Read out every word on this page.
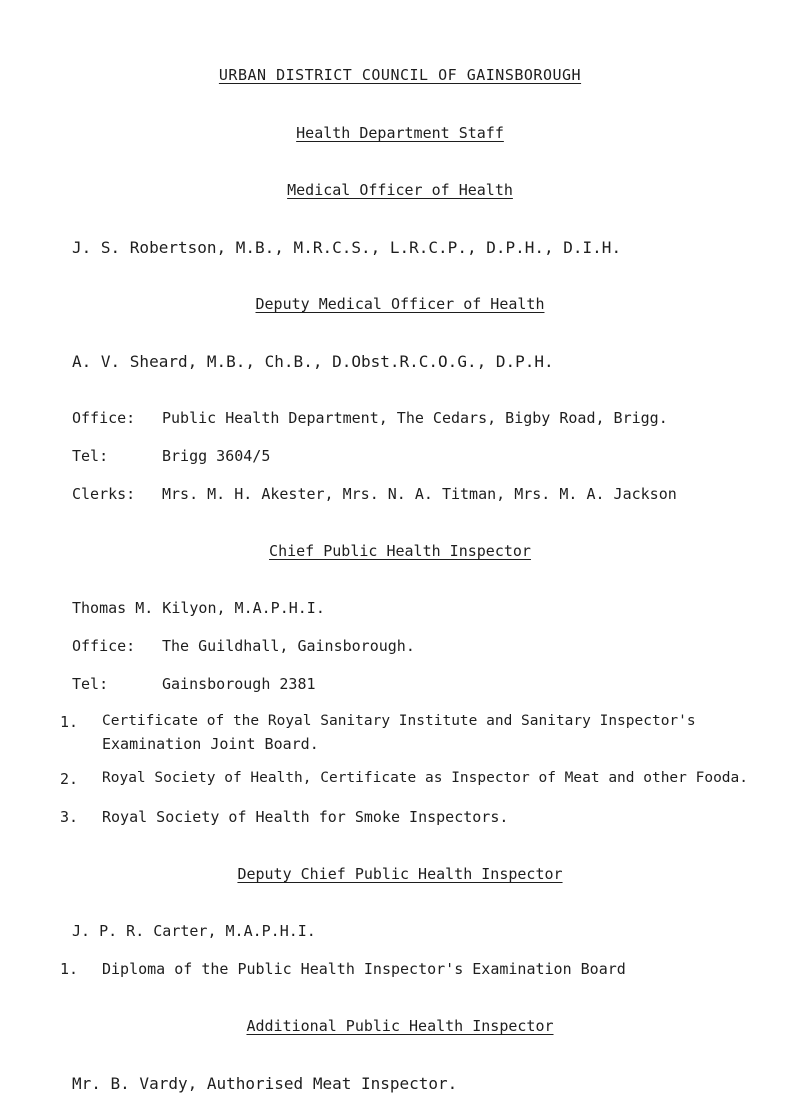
URBAN DISTRICT COUNCIL OF GAINSBOROUGH
Health Department Staff
Medical Officer of Health
J. S. Robertson, M.B., M.R.C.S., L.R.C.P., D.P.H., D.I.H.
Deputy Medical Officer of Health
A. V. Sheard, M.B., Ch.B., D.Obst.R.C.O.G., D.P.H.
Office: Public Health Department, The Cedars, Bigby Road, Brigg.
Tel:	Brigg 3604/5
Clerks: Mrs. M. H. Akester, Mrs. N. A. Titman, Mrs. M. A. Jackson
Chief Public Health Inspector
Thomas M. Kilyon, M.A.P.H.I.
Office: The Guildhall, Gainsborough.
Tel:	Gainsborough 2381
1. Certificate of the Royal Sanitary Institute and Sanitary Inspector's
Examination Joint Board.
2. Royal Society of Health, Certificate as Inspector of Meat and other Fooda.
3. Royal Society of Health for Smoke Inspectors.
Deputy Chief Public Health Inspector
J. P. R. Carter, M.A.P.H.I.
1. Diploma of the Public Health Inspector's Examination Board
Additional Public Health Inspector
Mr. B. Vardy, Authorised Meat Inspector.
